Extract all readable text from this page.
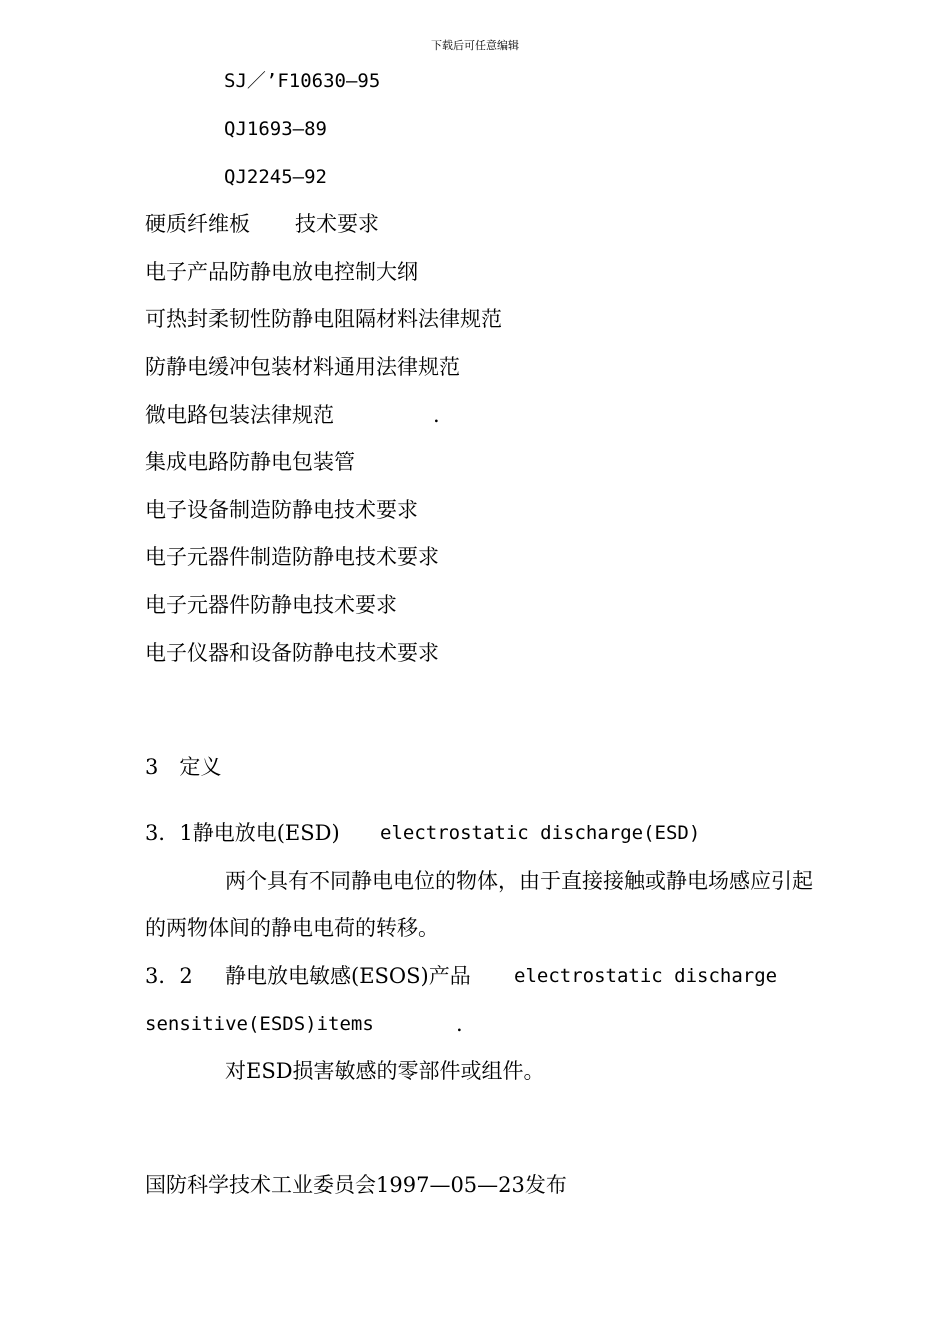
下载后可任意编辑
SJ／’F10630—95
QJ1693—89
QJ2245—92
硬质纤维板 技术要求
电子产品防静电放电控制大纲
可热封柔韧性防静电阻隔材料法律规范
防静电缓冲包装材料通用法律规范
微电路包装法律规范	.
集成电路防静电包装管
电子设备制造防静电技术要求
电子元器件制造防静电技术要求
电子元器件防静电技术要求
电子仪器和设备防静电技术要求
3　定义
3．1静电放电(ESD) electrostatic discharge(ESD)
两个具有不同静电电位的物体，由于直接接触或静电场感应引起
的两物体间的静电电荷的转移。
3．2 静电放电敏感(ESOS)产品 electrostatic discharge
sensitive(ESDS)items	.
对ESD损害敏感的零部件或组件。
国防科学技术工业委员会1997—05—23发布
